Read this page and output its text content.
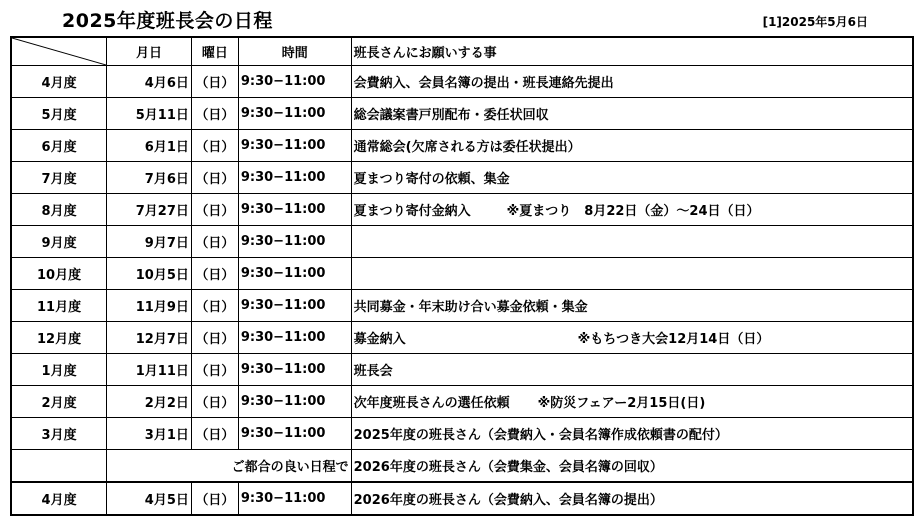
2025年度班長会の日程	[1]2025年5月6日
	月日	曜日	時間	班長さんにお願いする事
4月度	4月6日	（日）	9:30−11:00	会費納入、会員名簿の提出・班長連絡先提出
5月度	5月11日	（日）	9:30−11:00	総会議案書戸別配布・委任状回収
6月度	6月1日	（日）	9:30−11:00	通常総会(欠席される方は委任状提出）
7月度	7月6日	（日）	9:30−11:00	夏まつり寄付の依頼、集金
8月度	7月27日	（日）	9:30−11:00	夏まつり寄付金納入 ※夏まつり　8月22日（金）～24日（日）
9月度	9月7日	（日）	9:30−11:00	
10月度	10月5日	（日）	9:30−11:00	
11月度	11月9日	（日）	9:30−11:00	共同募金・年末助け合い募金依頼・集金
12月度	12月7日	（日）	9:30−11:00	募金納入 ※もちつき大会12月14日（日）
1月度	1月11日	（日）	9:30−11:00	班長会
2月度	2月2日	（日）	9:30−11:00	次年度班長さんの選任依頼 ※防災フェアー2月15日(日)
3月度	3月1日	（日）	9:30−11:00	2025年度の班長さん（会費納入・会員名簿作成依頼書の配付）
	ご都合の良い日程で			2026年度の班長さん（会費集金、会員名簿の回収）
4月度	4月5日	（日）	9:30−11:00	2026年度の班長さん（会費納入、会員名簿の提出）
